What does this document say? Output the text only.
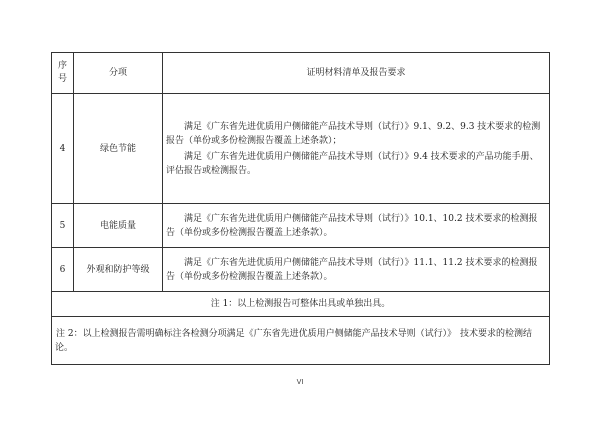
序号	分项	证明材料清单及报告要求
4	绿色节能	满足《广东省先进优质用户侧储能产品技术导则（试行）》9.1、9.2、9.3 技术要求的检测报告（单份或多份检测报告覆盖上述条款）；

满足《广东省先进优质用户侧储能产品技术导则（试行）》9.4 技术要求的产品功能手册、评估报告或检测报告。

5	电能质量	满足《广东省先进优质用户侧储能产品技术导则（试行）》10.1、10.2 技术要求的检测报告（单份或多份检测报告覆盖上述条款）。

6	外观和防护等级	满足《广东省先进优质用户侧储能产品技术导则（试行）》11.1、11.2 技术要求的检测报告（单份或多份检测报告覆盖上述条款）。

注 1：以上检测报告可整体出具或单独出具。		
注 2：以上检测报告需明确标注各检测分项满足《广东省先进优质用户侧储能产品技术导则（试行）》 技术要求的检测结论。		
VI
